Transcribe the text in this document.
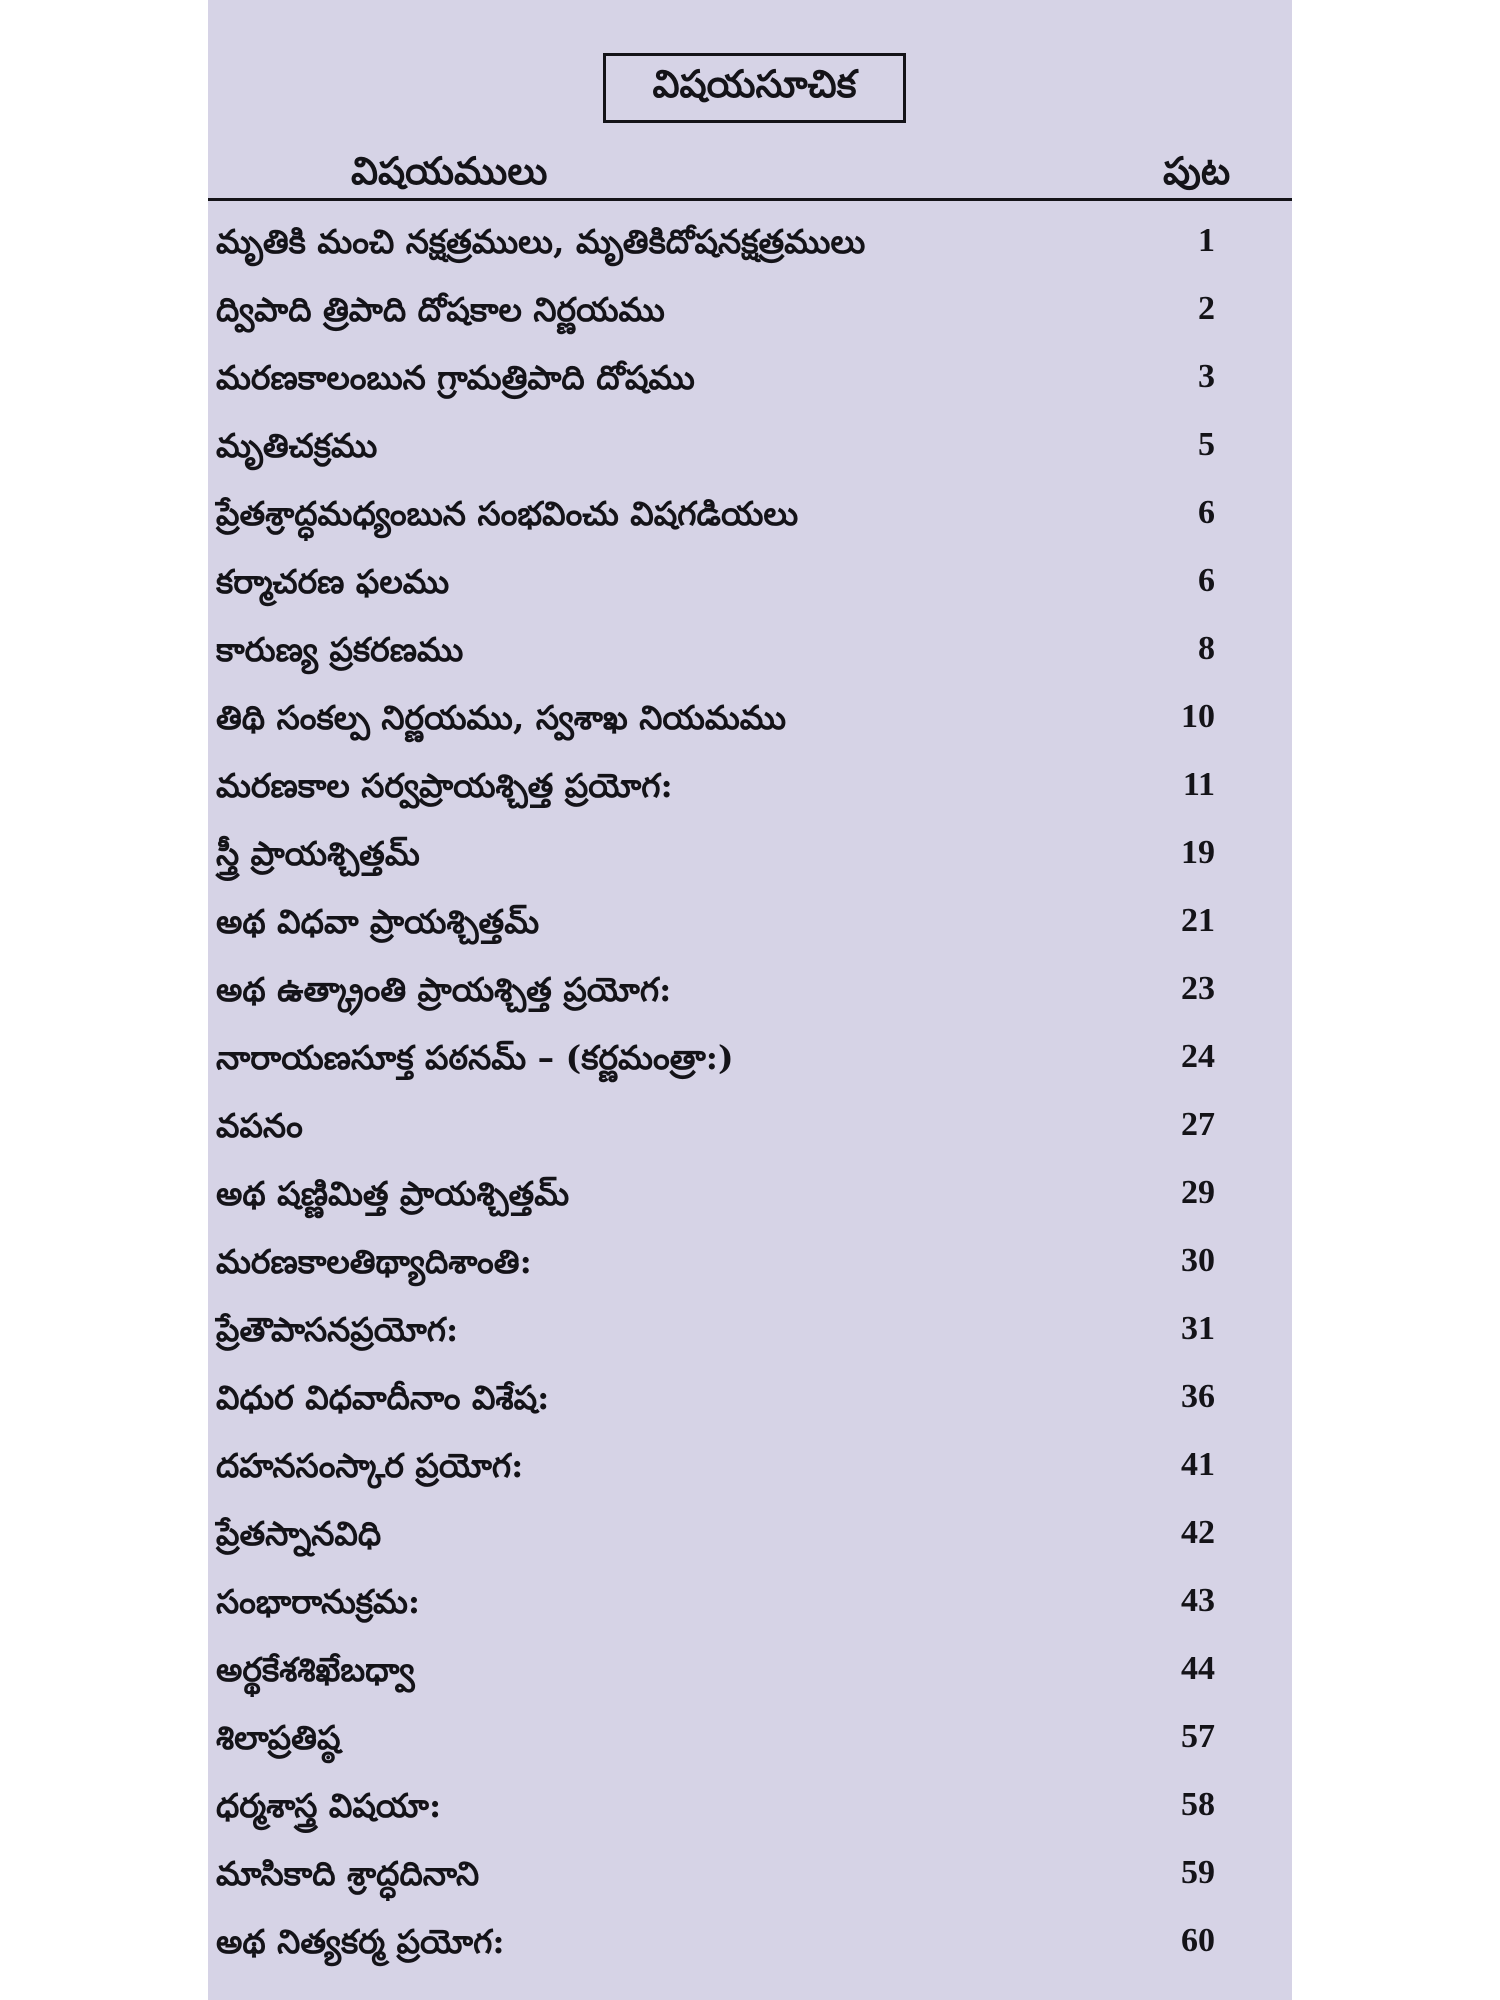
విషయసూచిక
విషయములు	పుట
మృతికి మంచి నక్షత్రములు, మృతికిదోషనక్షత్రములు	1
ద్విపాది త్రిపాది దోషకాల నిర్ణయము	2
మరణకాలంబున గ్రామత్రిపాది దోషము	3
మృతిచక్రము	5
ప్రేతశ్రాద్ధమధ్యంబున సంభవించు విషగడియలు	6
కర్మాచరణ ఫలము	6
కారుణ్య ప్రకరణము	8
తిథి సంకల్ప నిర్ణయము, స్వశాఖ నియమము	10
మరణకాల సర్వప్రాయశ్చిత్త ప్రయోగ:	11
స్త్రీ ప్రాయశ్చిత్తమ్	19
అథ విధవా ప్రాయశ్చిత్తమ్	21
అథ ఉత్క్రాంతి ప్రాయశ్చిత్త ప్రయోగ:	23
నారాయణసూక్త పఠనమ్ – (కర్ణమంత్రా:)	24
వపనం	27
అథ షణ్ణిమిత్త ప్రాయశ్చిత్తమ్	29
మరణకాలతిథ్యాదిశాంతి:	30
ప్రేతౌపాసనప్రయోగ:	31
విధుర విధవాదీనాం విశేష:	36
దహనసంస్కార ప్రయోగ:	41
ప్రేతస్నానవిధి	42
సంభారానుక్రమ:	43
అర్థకేశశిఖేబధ్వా	44
శిలాప్రతిష్ఠ	57
ధర్మశాస్త్ర విషయా:	58
మాసికాది శ్రాద్ధదినాని	59
అథ నిత్యకర్మ ప్రయోగ:	60
